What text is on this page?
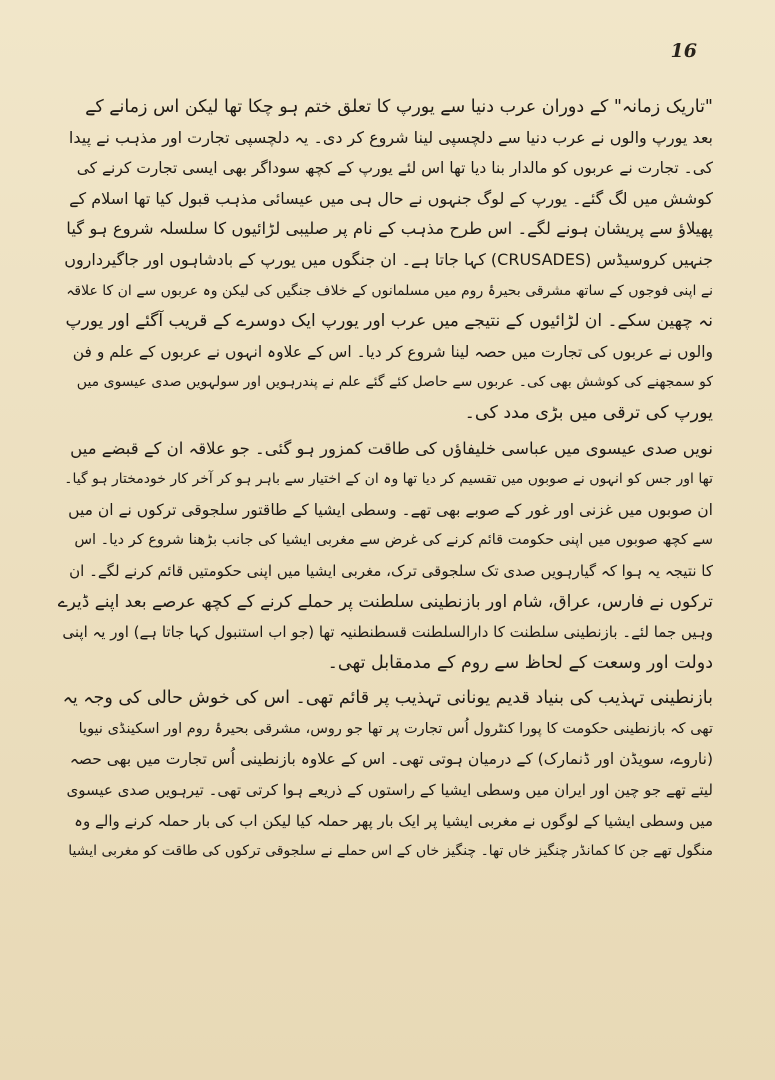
16
"تاریک زمانہ" کے دوران عرب دنیا سے یورپ کا تعلق ختم ہو چکا تھا لیکن اس زمانے کے
بعد یورپ والوں نے عرب دنیا سے دلچسپی لینا شروع کر دی۔ یہ دلچسپی تجارت اور مذہب نے پیدا
کی۔ تجارت نے عربوں کو مالدار بنا دیا تھا اس لئے یورپ کے کچھ سوداگر بھی ایسی تجارت کرنے کی
کوشش میں لگ گئے۔ یورپ کے لوگ جنہوں نے حال ہی میں عیسائی مذہب قبول کیا تھا اسلام کے
پھیلاؤ سے پریشان ہونے لگے۔ اس طرح مذہب کے نام پر صلیبی لڑائیوں کا سلسلہ شروع ہو گیا
جنہیں کروسیڈس (CRUSADES) کہا جاتا ہے۔ ان جنگوں میں یورپ کے بادشاہوں اور جاگیرداروں
نے اپنی فوجوں کے ساتھ مشرقی بحیرۂ روم میں مسلمانوں کے خلاف جنگیں کی لیکن وہ عربوں سے ان کا علاقہ
نہ چھین سکے۔ ان لڑائیوں کے نتیجے میں عرب اور یورپ ایک دوسرے کے قریب آگئے اور یورپ
والوں نے عربوں کی تجارت میں حصہ لینا شروع کر دیا۔ اس کے علاوہ انہوں نے عربوں کے علم و فن
کو سمجھنے کی کوشش بھی کی۔ عربوں سے حاصل کئے گئے علم نے پندرہویں اور سولہویں صدی عیسوی میں
یورپ کی ترقی میں بڑی مدد کی۔
نویں صدی عیسوی میں عباسی خلیفاؤں کی طاقت کمزور ہو گئی۔ جو علاقہ ان کے قبضے میں
تھا اور جس کو انہوں نے صوبوں میں تقسیم کر دیا تھا وہ ان کے اختیار سے باہر ہو کر آخر کار خودمختار ہو گیا۔
ان صوبوں میں غزنی اور غور کے صوبے بھی تھے۔ وسطی ایشیا کے طاقتور سلجوقی ترکوں نے ان میں
سے کچھ صوبوں میں اپنی حکومت قائم کرنے کی غرض سے مغربی ایشیا کی جانب بڑھنا شروع کر دیا۔ اس
کا نتیجہ یہ ہوا کہ گیارہویں صدی تک سلجوقی ترک، مغربی ایشیا میں اپنی حکومتیں قائم کرنے لگے۔ ان
ترکوں نے فارس، عراق، شام اور بازنطینی سلطنت پر حملے کرنے کے کچھ عرصے بعد اپنے ڈیرے
وہیں جما لئے۔ بازنطینی سلطنت کا دارالسلطنت قسطنطنیہ تھا (جو اب استنبول کہا جاتا ہے) اور یہ اپنی
دولت اور وسعت کے لحاظ سے روم کے مدمقابل تھی۔
بازنطینی تہذیب کی بنیاد قدیم یونانی تہذیب پر قائم تھی۔ اس کی خوش حالی کی وجہ یہ
تھی کہ بازنطینی حکومت کا پورا کنٹرول اُس تجارت پر تھا جو روس، مشرقی بحیرۂ روم اور اسکینڈی نیویا
(ناروے، سویڈن اور ڈنمارک) کے درمیان ہوتی تھی۔ اس کے علاوہ بازنطینی اُس تجارت میں بھی حصہ
لیتے تھے جو چین اور ایران میں وسطی ایشیا کے راستوں کے ذریعے ہوا کرتی تھی۔ تیرہویں صدی عیسوی
میں وسطی ایشیا کے لوگوں نے مغربی ایشیا پر ایک بار پھر حملہ کیا لیکن اب کی بار حملہ کرنے والے وہ
منگول تھے جن کا کمانڈر چنگیز خاں تھا۔ چنگیز خاں کے اس حملے نے سلجوقی ترکوں کی طاقت کو مغربی ایشیا
